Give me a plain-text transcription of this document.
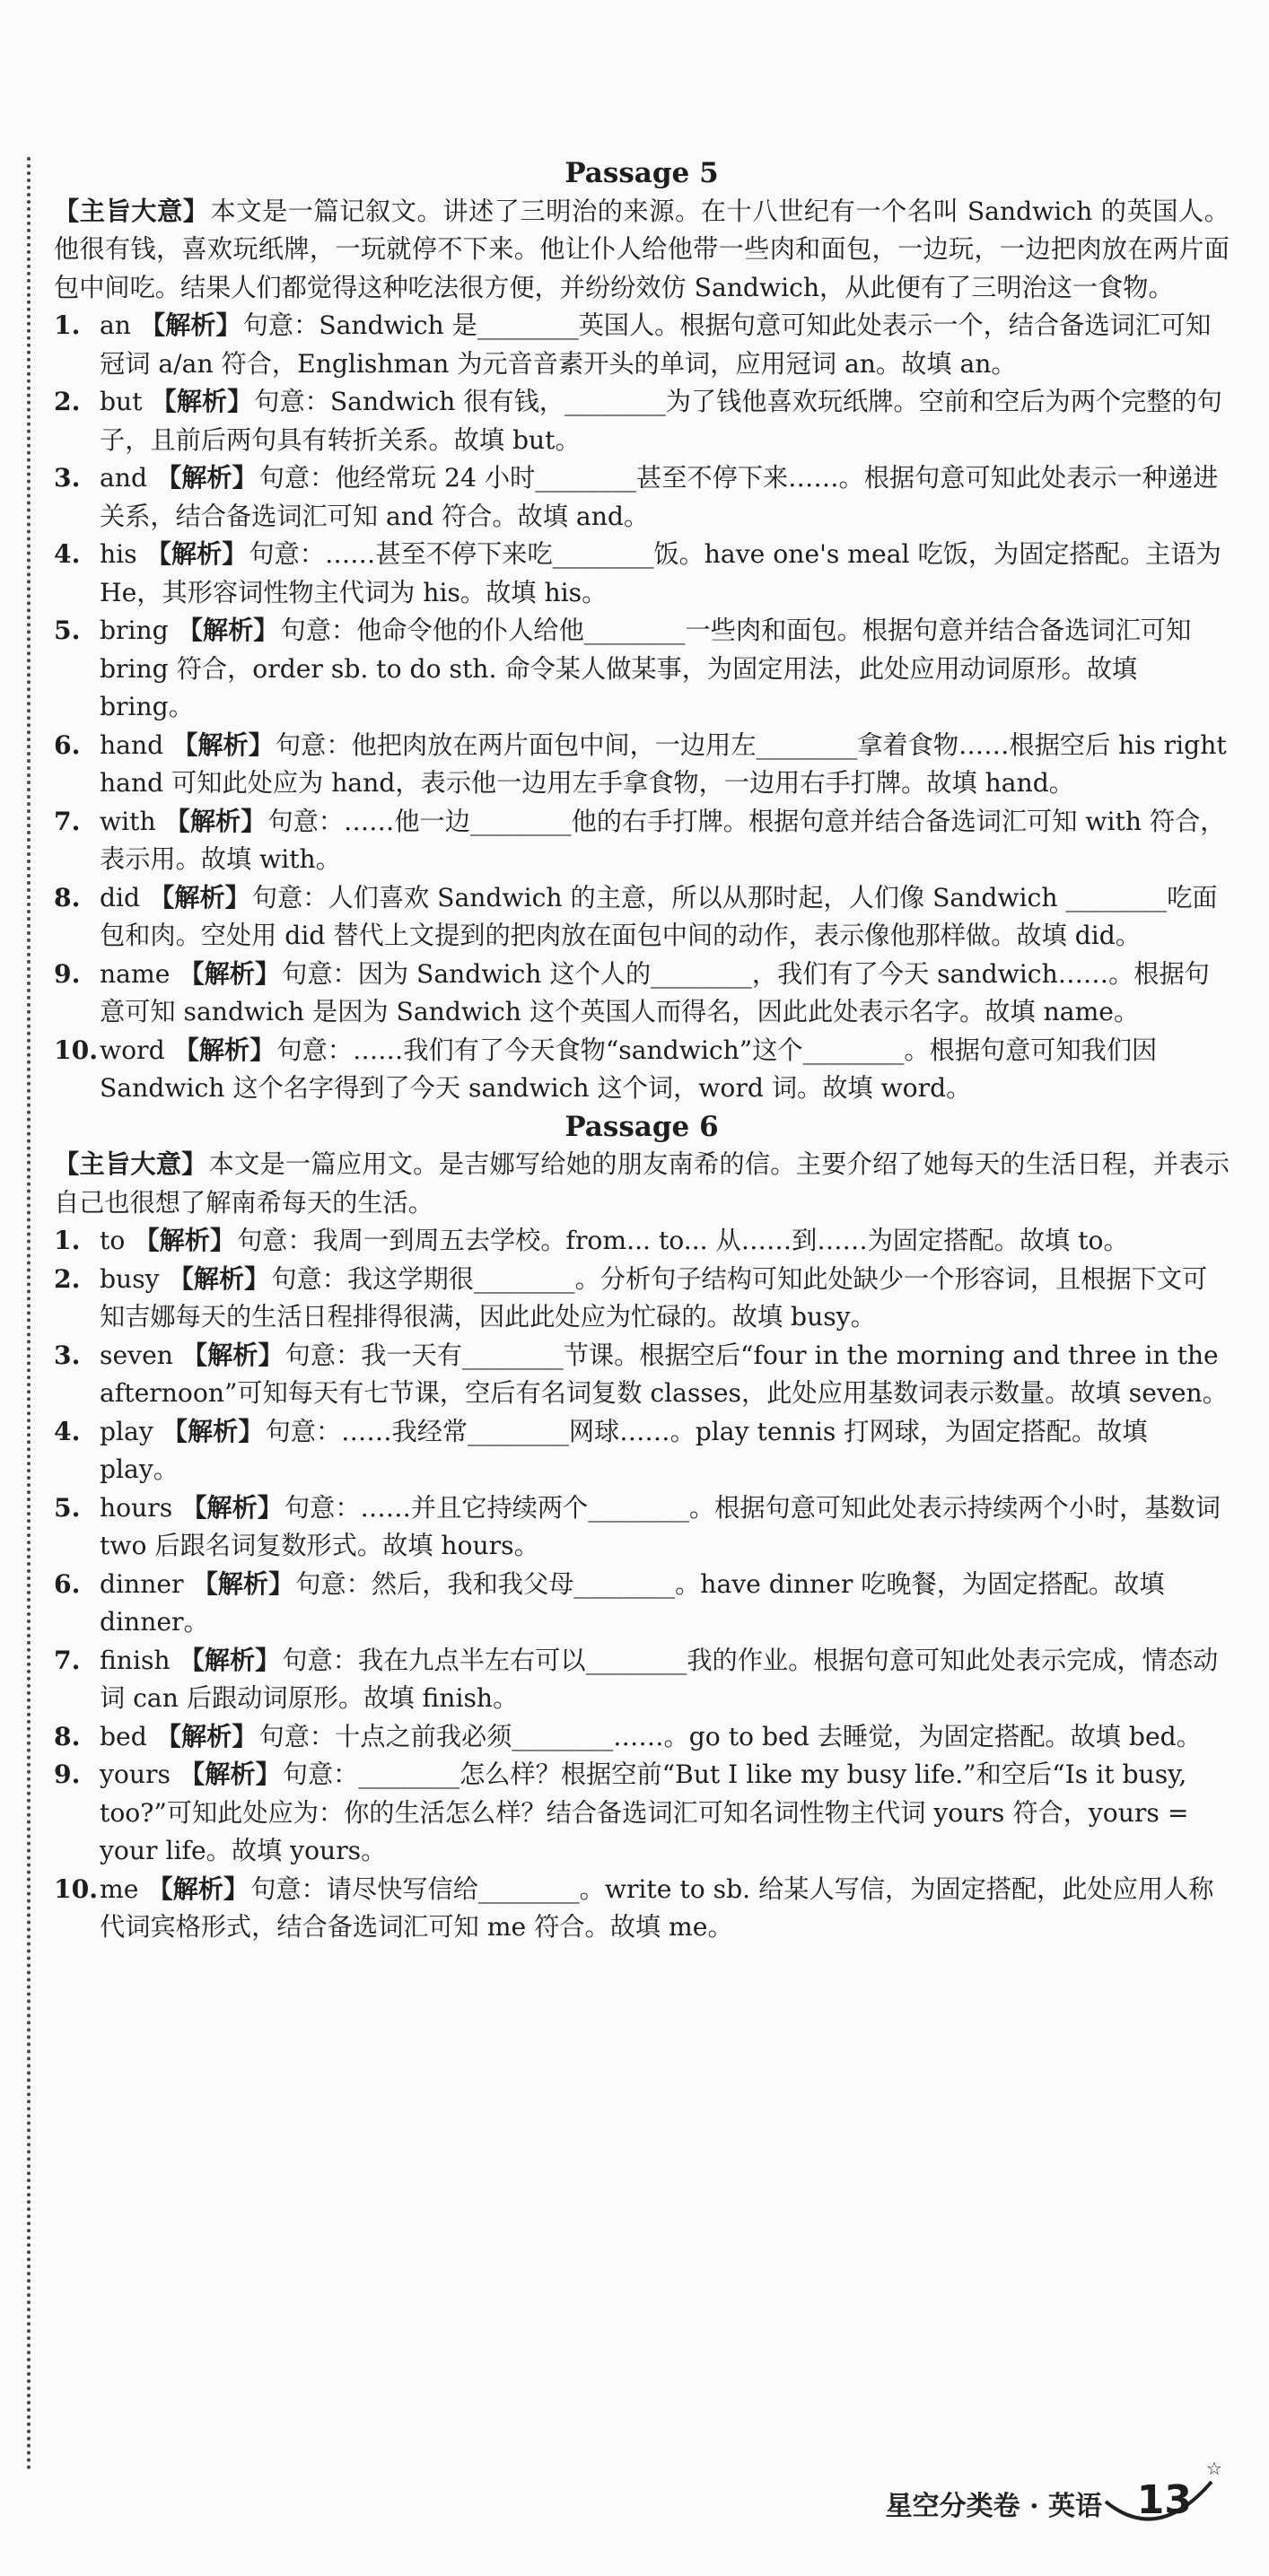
Passage 5
【主旨大意】本文是一篇记叙文。讲述了三明治的来源。在十八世纪有一个名叫 Sandwich 的英国人。他很有钱，喜欢玩纸牌，一玩就停不下来。他让仆人给他带一些肉和面包，一边玩，一边把肉放在两片面包中间吃。结果人们都觉得这种吃法很方便，并纷纷效仿 Sandwich，从此便有了三明治这一食物。
1. an 【解析】句意：Sandwich 是________英国人。根据句意可知此处表示一个，结合备选词汇可知冠词 a/an 符合，Englishman 为元音音素开头的单词，应用冠词 an。故填 an。
2. but 【解析】句意：Sandwich 很有钱，________为了钱他喜欢玩纸牌。空前和空后为两个完整的句子，且前后两句具有转折关系。故填 but。
3. and 【解析】句意：他经常玩 24 小时________甚至不停下来……。根据句意可知此处表示一种递进关系，结合备选词汇可知 and 符合。故填 and。
4. his 【解析】句意：……甚至不停下来吃________饭。have one's meal 吃饭，为固定搭配。主语为 He，其形容词性物主代词为 his。故填 his。
5. bring 【解析】句意：他命令他的仆人给他________一些肉和面包。根据句意并结合备选词汇可知 bring 符合，order sb. to do sth. 命令某人做某事，为固定用法，此处应用动词原形。故填 bring。
6. hand 【解析】句意：他把肉放在两片面包中间，一边用左________拿着食物……根据空后 his right hand 可知此处应为 hand，表示他一边用左手拿食物，一边用右手打牌。故填 hand。
7. with 【解析】句意：……他一边________他的右手打牌。根据句意并结合备选词汇可知 with 符合，表示用。故填 with。
8. did 【解析】句意：人们喜欢 Sandwich 的主意，所以从那时起，人们像 Sandwich ________吃面包和肉。空处用 did 替代上文提到的把肉放在面包中间的动作，表示像他那样做。故填 did。
9. name 【解析】句意：因为 Sandwich 这个人的________，我们有了今天 sandwich……。根据句意可知 sandwich 是因为 Sandwich 这个英国人而得名，因此此处表示名字。故填 name。
10. word 【解析】句意：……我们有了今天食物“sandwich”这个________。根据句意可知我们因 Sandwich 这个名字得到了今天 sandwich 这个词，word 词。故填 word。
Passage 6
【主旨大意】本文是一篇应用文。是吉娜写给她的朋友南希的信。主要介绍了她每天的生活日程，并表示自己也很想了解南希每天的生活。
1. to 【解析】句意：我周一到周五去学校。from... to... 从……到……为固定搭配。故填 to。
2. busy 【解析】句意：我这学期很________。分析句子结构可知此处缺少一个形容词，且根据下文可知吉娜每天的生活日程排得很满，因此此处应为忙碌的。故填 busy。
3. seven 【解析】句意：我一天有________节课。根据空后“four in the morning and three in the afternoon”可知每天有七节课，空后有名词复数 classes，此处应用基数词表示数量。故填 seven。
4. play 【解析】句意：……我经常________网球……。play tennis 打网球，为固定搭配。故填 play。
5. hours 【解析】句意：……并且它持续两个________。根据句意可知此处表示持续两个小时，基数词 two 后跟名词复数形式。故填 hours。
6. dinner 【解析】句意：然后，我和我父母________。have dinner 吃晚餐，为固定搭配。故填 dinner。
7. finish 【解析】句意：我在九点半左右可以________我的作业。根据句意可知此处表示完成，情态动词 can 后跟动词原形。故填 finish。
8. bed 【解析】句意：十点之前我必须________……。go to bed 去睡觉，为固定搭配。故填 bed。
9. yours 【解析】句意：________怎么样？根据空前“But I like my busy life.”和空后“Is it busy, too?”可知此处应为：你的生活怎么样？结合备选词汇可知名词性物主代词 yours 符合，yours = your life。故填 yours。
10. me 【解析】句意：请尽快写信给________。write to sb. 给某人写信，为固定搭配，此处应用人称代词宾格形式，结合备选词汇可知 me 符合。故填 me。
☆
星空分类卷 · 英语 13
